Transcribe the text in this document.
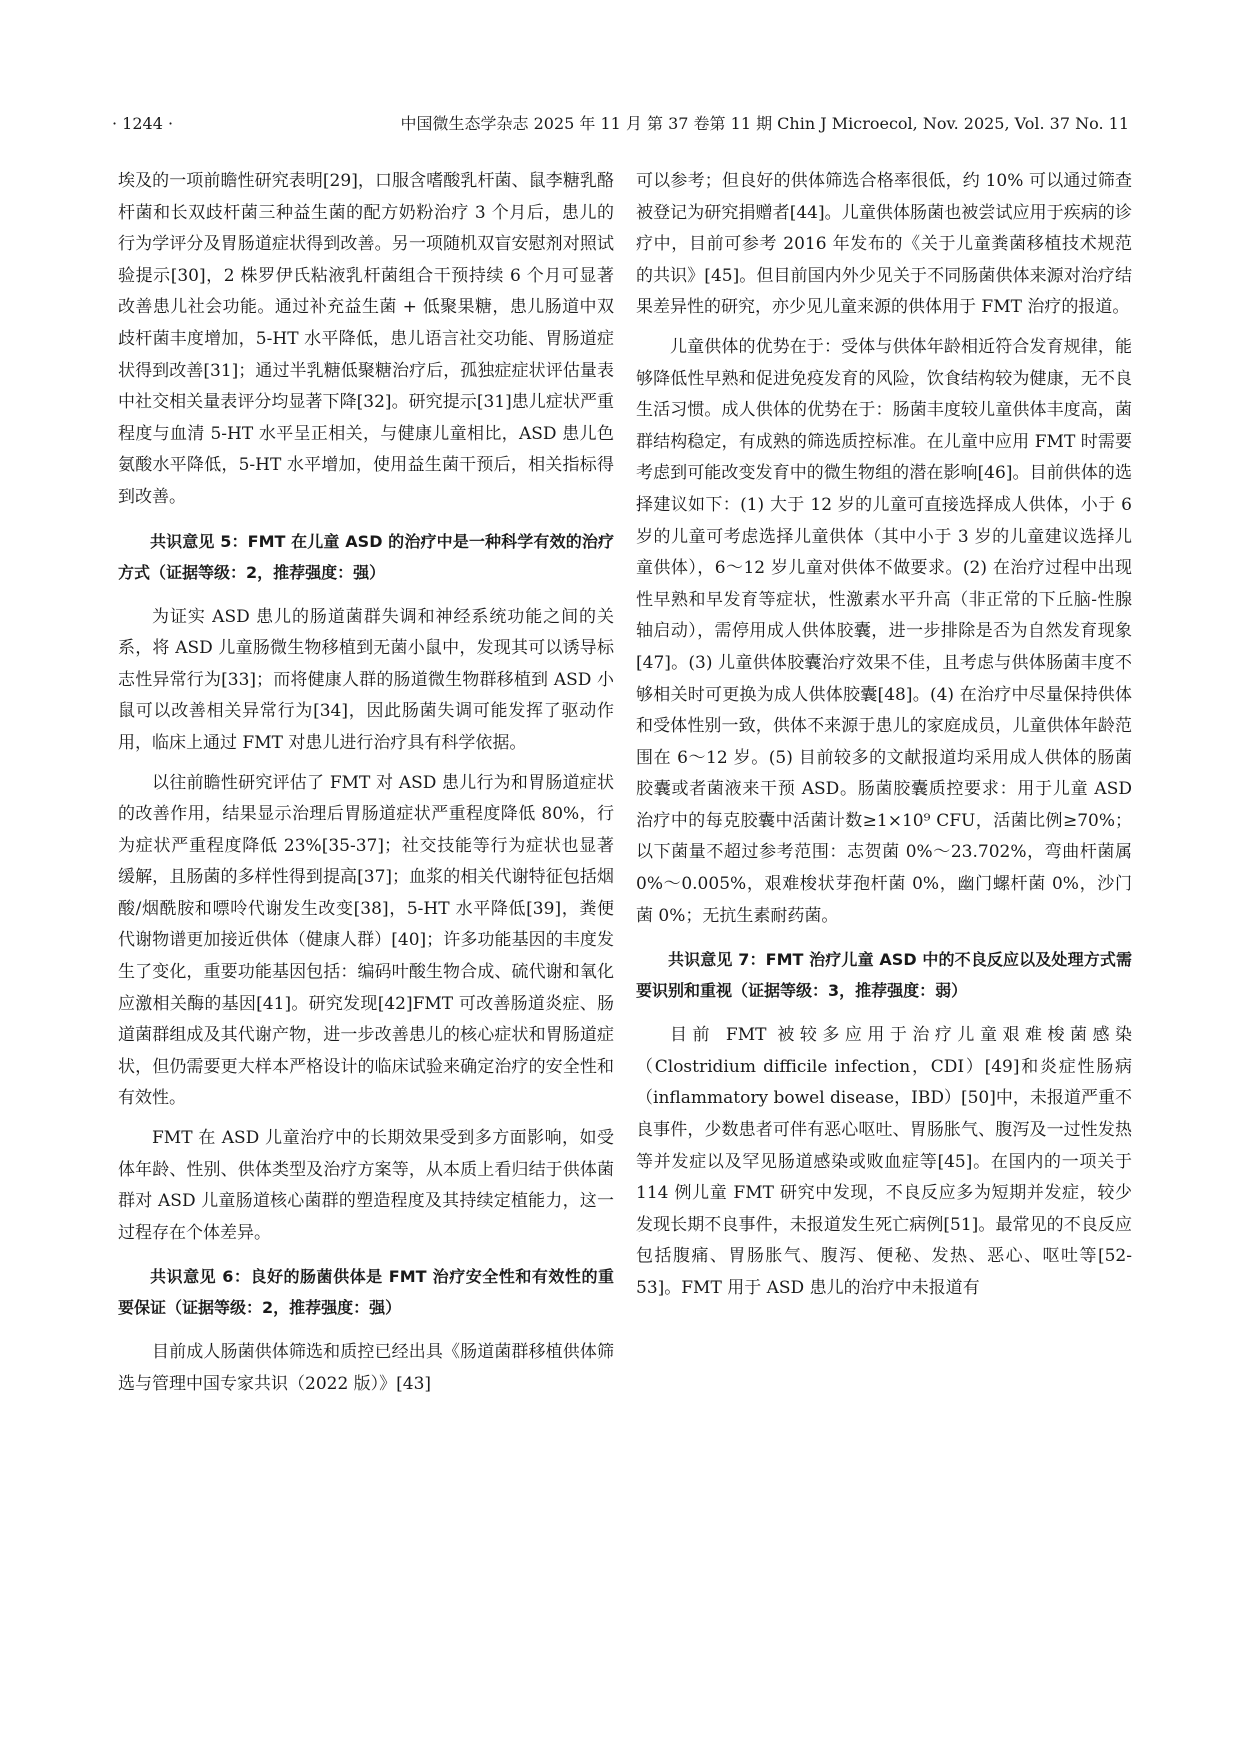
· 1244 ·	中国微生态学杂志 2025 年 11 月 第 37 卷第 11 期 Chin J Microecol, Nov. 2025, Vol. 37 No. 11

埃及的一项前瞻性研究表明[29]，口服含嗜酸乳杆菌、鼠李糖乳酪杆菌和长双歧杆菌三种益生菌的配方奶粉治疗 3 个月后，患儿的行为学评分及胃肠道症状得到改善。另一项随机双盲安慰剂对照试验提示[30]，2 株罗伊氏粘液乳杆菌组合干预持续 6 个月可显著改善患儿社会功能。通过补充益生菌 + 低聚果糖，患儿肠道中双歧杆菌丰度增加，5-HT 水平降低，患儿语言社交功能、胃肠道症状得到改善[31]；通过半乳糖低聚糖治疗后，孤独症症状评估量表中社交相关量表评分均显著下降[32]。研究提示[31]患儿症状严重程度与血清 5-HT 水平呈正相关，与健康儿童相比，ASD 患儿色氨酸水平降低，5-HT 水平增加，使用益生菌干预后，相关指标得到改善。

共识意见 5：FMT 在儿童 ASD 的治疗中是一种科学有效的治疗方式（证据等级：2，推荐强度：强）

为证实 ASD 患儿的肠道菌群失调和神经系统功能之间的关系，将 ASD 儿童肠微生物移植到无菌小鼠中，发现其可以诱导标志性异常行为[33]；而将健康人群的肠道微生物群移植到 ASD 小鼠可以改善相关异常行为[34]，因此肠菌失调可能发挥了驱动作用，临床上通过 FMT 对患儿进行治疗具有科学依据。

以往前瞻性研究评估了 FMT 对 ASD 患儿行为和胃肠道症状的改善作用，结果显示治理后胃肠道症状严重程度降低 80%，行为症状严重程度降低 23%[35-37]；社交技能等行为症状也显著缓解，且肠菌的多样性得到提高[37]；血浆的相关代谢特征包括烟酸/烟酰胺和嘌呤代谢发生改变[38]，5-HT 水平降低[39]，粪便代谢物谱更加接近供体（健康人群）[40]；许多功能基因的丰度发生了变化，重要功能基因包括：编码叶酸生物合成、硫代谢和氧化应激相关酶的基因[41]。研究发现[42]FMT 可改善肠道炎症、肠道菌群组成及其代谢产物，进一步改善患儿的核心症状和胃肠道症状，但仍需要更大样本严格设计的临床试验来确定治疗的安全性和有效性。

FMT 在 ASD 儿童治疗中的长期效果受到多方面影响，如受体年龄、性别、供体类型及治疗方案等，从本质上看归结于供体菌群对 ASD 儿童肠道核心菌群的塑造程度及其持续定植能力，这一过程存在个体差异。

共识意见 6：良好的肠菌供体是 FMT 治疗安全性和有效性的重要保证（证据等级：2，推荐强度：强）

目前成人肠菌供体筛选和质控已经出具《肠道菌群移植供体筛选与管理中国专家共识（2022 版）》[43]

可以参考；但良好的供体筛选合格率很低，约 10% 可以通过筛查被登记为研究捐赠者[44]。儿童供体肠菌也被尝试应用于疾病的诊疗中，目前可参考 2016 年发布的《关于儿童粪菌移植技术规范的共识》[45]。但目前国内外少见关于不同肠菌供体来源对治疗结果差异性的研究，亦少见儿童来源的供体用于 FMT 治疗的报道。

儿童供体的优势在于：受体与供体年龄相近符合发育规律，能够降低性早熟和促进免疫发育的风险，饮食结构较为健康，无不良生活习惯。成人供体的优势在于：肠菌丰度较儿童供体丰度高，菌群结构稳定，有成熟的筛选质控标准。在儿童中应用 FMT 时需要考虑到可能改变发育中的微生物组的潜在影响[46]。目前供体的选择建议如下：(1) 大于 12 岁的儿童可直接选择成人供体，小于 6 岁的儿童可考虑选择儿童供体（其中小于 3 岁的儿童建议选择儿童供体），6～12 岁儿童对供体不做要求。(2) 在治疗过程中出现性早熟和早发育等症状，性激素水平升高（非正常的下丘脑-性腺轴启动），需停用成人供体胶囊，进一步排除是否为自然发育现象[47]。(3) 儿童供体胶囊治疗效果不佳，且考虑与供体肠菌丰度不够相关时可更换为成人供体胶囊[48]。(4) 在治疗中尽量保持供体和受体性别一致，供体不来源于患儿的家庭成员，儿童供体年龄范围在 6～12 岁。(5) 目前较多的文献报道均采用成人供体的肠菌胶囊或者菌液来干预 ASD。肠菌胶囊质控要求：用于儿童 ASD 治疗中的每克胶囊中活菌计数≥1×10⁹ CFU，活菌比例≥70%；以下菌量不超过参考范围：志贺菌 0%～23.702%，弯曲杆菌属 0%～0.005%，艰难梭状芽孢杆菌 0%，幽门螺杆菌 0%，沙门菌 0%；无抗生素耐药菌。

共识意见 7：FMT 治疗儿童 ASD 中的不良反应以及处理方式需要识别和重视（证据等级：3，推荐强度：弱）

目前 FMT 被较多应用于治疗儿童艰难梭菌感染（Clostridium difficile infection，CDI）[49]和炎症性肠病（inflammatory bowel disease，IBD）[50]中，未报道严重不良事件，少数患者可伴有恶心呕吐、胃肠胀气、腹泻及一过性发热等并发症以及罕见肠道感染或败血症等[45]。在国内的一项关于 114 例儿童 FMT 研究中发现，不良反应多为短期并发症，较少发现长期不良事件，未报道发生死亡病例[51]。最常见的不良反应包括腹痛、胃肠胀气、腹泻、便秘、发热、恶心、呕吐等[52-53]。FMT 用于 ASD 患儿的治疗中未报道有
